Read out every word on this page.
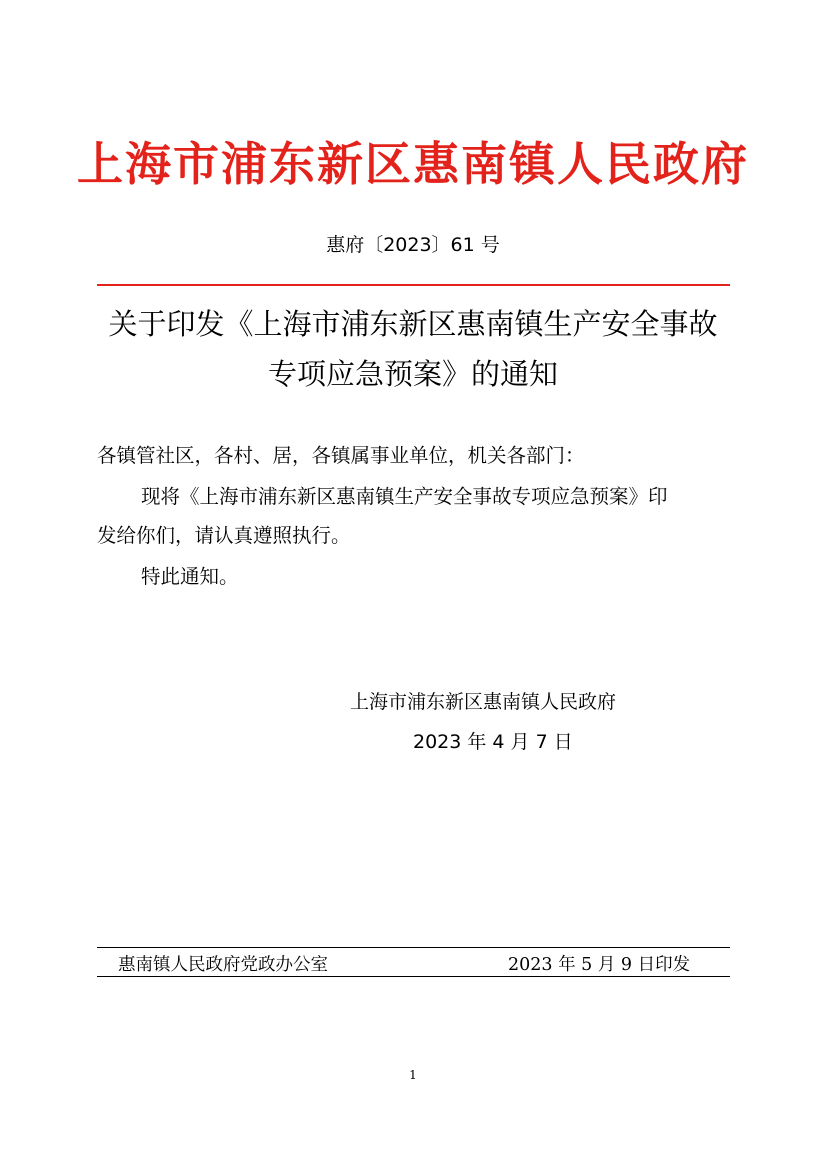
上海市浦东新区惠南镇人民政府
惠府〔2023〕61 号
关于印发《上海市浦东新区惠南镇生产安全事故
专项应急预案》的通知
各镇管社区，各村、居，各镇属事业单位，机关各部门：
现将《上海市浦东新区惠南镇生产安全事故专项应急预案》印
发给你们，请认真遵照执行。
特此通知。
上海市浦东新区惠南镇人民政府
2023 年 4 月 7 日
惠南镇人民政府党政办公室	2023 年 5 月 9 日印发
1
